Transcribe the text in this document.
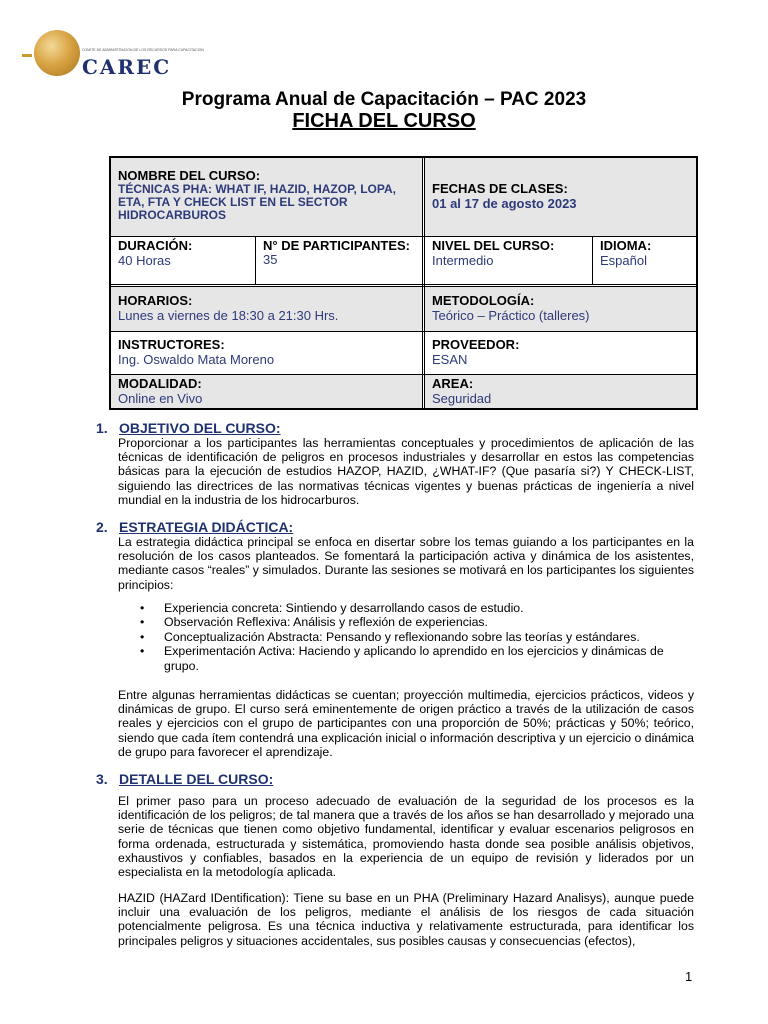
COMITE DE ADMINISTRACION DE LOS RECURSOS PARA CAPACITACION
CAREC
Programa Anual de Capacitación – PAC 2023
FICHA DEL CURSO
NOMBRE DEL CURSO:
TÉCNICAS PHA: WHAT IF, HAZID, HAZOP, LOPA, ETA, FTA Y CHECK LIST EN EL SECTOR HIDROCARBUROS
FECHAS DE CLASES:
01 al 17 de agosto 2023
DURACIÓN:
40 Horas
N° DE PARTICIPANTES:
35
NIVEL DEL CURSO:
Intermedio
IDIOMA:
Español
HORARIOS:
Lunes a viernes de 18:30 a 21:30 Hrs.
METODOLOGÍA:
Teórico – Práctico (talleres)
INSTRUCTORES:
Ing. Oswaldo Mata Moreno
PROVEEDOR:
ESAN
MODALIDAD:
Online en Vivo
AREA:
Seguridad
1. OBJETIVO DEL CURSO:
Proporcionar a los participantes las herramientas conceptuales y procedimientos de aplicación de las técnicas de identificación de peligros en procesos industriales y desarrollar en estos las competencias básicas para la ejecución de estudios HAZOP, HAZID, ¿WHAT-IF? (Que pasaría si?) Y CHECK-LIST, siguiendo las directrices de las normativas técnicas vigentes y buenas prácticas de ingeniería a nivel mundial en la industria de los hidrocarburos.
2. ESTRATEGIA DIDÁCTICA:
La estrategia didáctica principal se enfoca en disertar sobre los temas guiando a los participantes en la resolución de los casos planteados. Se fomentará la participación activa y dinámica de los asistentes, mediante casos “reales” y simulados. Durante las sesiones se motivará en los participantes los siguientes principios:
• Experiencia concreta: Sintiendo y desarrollando casos de estudio.
• Observación Reflexiva: Análisis y reflexión de experiencias.
• Conceptualización Abstracta: Pensando y reflexionando sobre las teorías y estándares.
• Experimentación Activa: Haciendo y aplicando lo aprendido en los ejercicios y dinámicas de grupo.
Entre algunas herramientas didácticas se cuentan; proyección multimedia, ejercicios prácticos, videos y dinámicas de grupo. El curso será eminentemente de origen práctico a través de la utilización de casos reales y ejercicios con el grupo de participantes con una proporción de 50%; prácticas y 50%; teórico, siendo que cada ítem contendrá una explicación inicial o información descriptiva y un ejercicio o dinámica de grupo para favorecer el aprendizaje.
3. DETALLE DEL CURSO:
El primer paso para un proceso adecuado de evaluación de la seguridad de los procesos es la identificación de los peligros; de tal manera que a través de los años se han desarrollado y mejorado una serie de técnicas que tienen como objetivo fundamental, identificar y evaluar escenarios peligrosos en forma ordenada, estructurada y sistemática, promoviendo hasta donde sea posible análisis objetivos, exhaustivos y confiables, basados en la experiencia de un equipo de revisión y liderados por un especialista en la metodología aplicada.
HAZID (HAZard IDentification): Tiene su base en un PHA (Preliminary Hazard Analisys), aunque puede incluir una evaluación de los peligros, mediante el análisis de los riesgos de cada situación potencialmente peligrosa. Es una técnica inductiva y relativamente estructurada, para identificar los principales peligros y situaciones accidentales, sus posibles causas y consecuencias (efectos),
1
